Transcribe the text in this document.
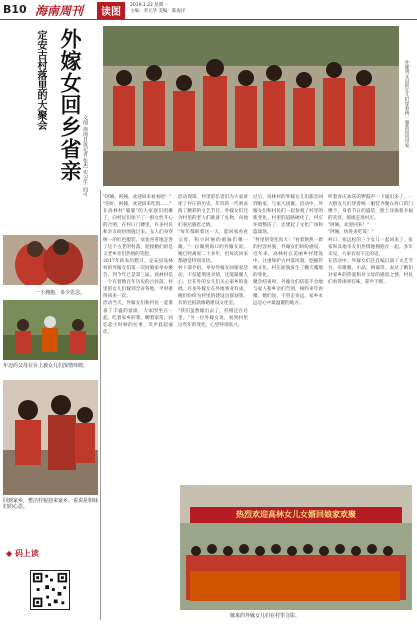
B10 海南周刊	读图
2019.1.22 星期一
主编：李元华 美编：陈海洋
一个拥抱，多少思念。
年迈的父母在台上被女儿们深情环绕。
回到家乡，整洁村貌迎来家乡。说说是姐妹们的心思。
◆ 码上读
外嫁女回乡省亲
定安古村落里的大聚会
文图 海南日报记者 张杰 实习生 向可
外嫁到文昌的女儿们穿着统一服装返回母家
"阿姨，阿姨，欢迎回来看看吧！"
"你好，阿姨，欢迎回来吃饭……"
在高林村"婆婆"的大家庭们团聚了，向村民们拍下了一群女性开心的合照，在村口门楼里，许多村民和亲友纷纷围拢过来。女人们身穿统一的红色服装，欢欢喜喜地走进了这个古老的村落，迎接她们的是父老乡亲们热情的笑脸。
2017年的农历腊月，定安县高林村的外嫁女们第一次回娘家举办聚会，到今年已是第三届。高林村是一个有着数百年历史的古村落，村里的女儿们嫁到全省各地，平时难得回来一次。
活动当天，外嫁女们和村民一起准备了丰盛的宴席，大家围坐在一起，吃着家乡的菜，聊着家常，回忆起小时候的往事，笑声此起彼伏。
活动现场，村里的长者们为大家讲述了村庄的历史，年轻的一代则表演了精彩的文艺节目。外嫁女们还为村里的老人们准备了礼物，向他们表达感恩之情。
"每年都盼着这一天，能回家看看父母，和小时候的姐妹们聚一聚。"一位嫁到海口的外嫁女说。她已经离家二十多年，但每次回来都感觉特别亲切。
村干部介绍，举办外嫁女回娘家活动，不仅能增进亲情，还能凝聚人心，让在外的女儿们关心家乡的发展。许多外嫁女在外地事业有成，她们纷纷为村里的建设出谋划策，有的还捐款修路建设文化室。
"我们虽然嫁出去了，但根还在这里。"另一位外嫁女说，看到村里这些年的变化，心里特别高兴。
过后，高林村的外嫁女儿们都会回到娘家，与家人团聚。活动中，外嫁女们和村民们一起参观了村里的新变化。村里的道路硬化了，村庄环境整洁了，还建起了文化广场和篮球场。
"村里的变化真大！"看着焕然一新的村容村貌，外嫁女们纷纷感叹。近年来，高林村在美丽乡村建设中，注重保护古村落风貌，挖掘传统文化，村庄面貌发生了翻天覆地的变化。
聚会结束时，外嫁女们依依不舍地与家人和乡亲们告别，相约来年再聚。她们说，不管走多远，家乡永远是心中最温暖的地方。
听着喜庆欢乐的锣鼓声一下涌出来了，一大群女儿们穿着统一服装齐聚在村口的门楼下，身着节日的盛装，脸上洋溢着幸福的笑容，缓缓走进村庄。
"阿姨，欢迎回来！"
"阿姨，快进来吃饭！"
村口，张远松的三个女儿一起回来了，张家和其他亲友们热情地拥抱在一起。多年未见，大家有说不完的话。
在活动中，外嫁女们还自编自演了文艺节目，有歌舞、小品、朗诵等，表达了她们对家乡的热爱和对父母的感恩之情。村民们看得津津有味，掌声不断。
热烈欢迎高林女儿女婿回娘家欢聚
嫁来的外嫁女儿们在村里合影。
